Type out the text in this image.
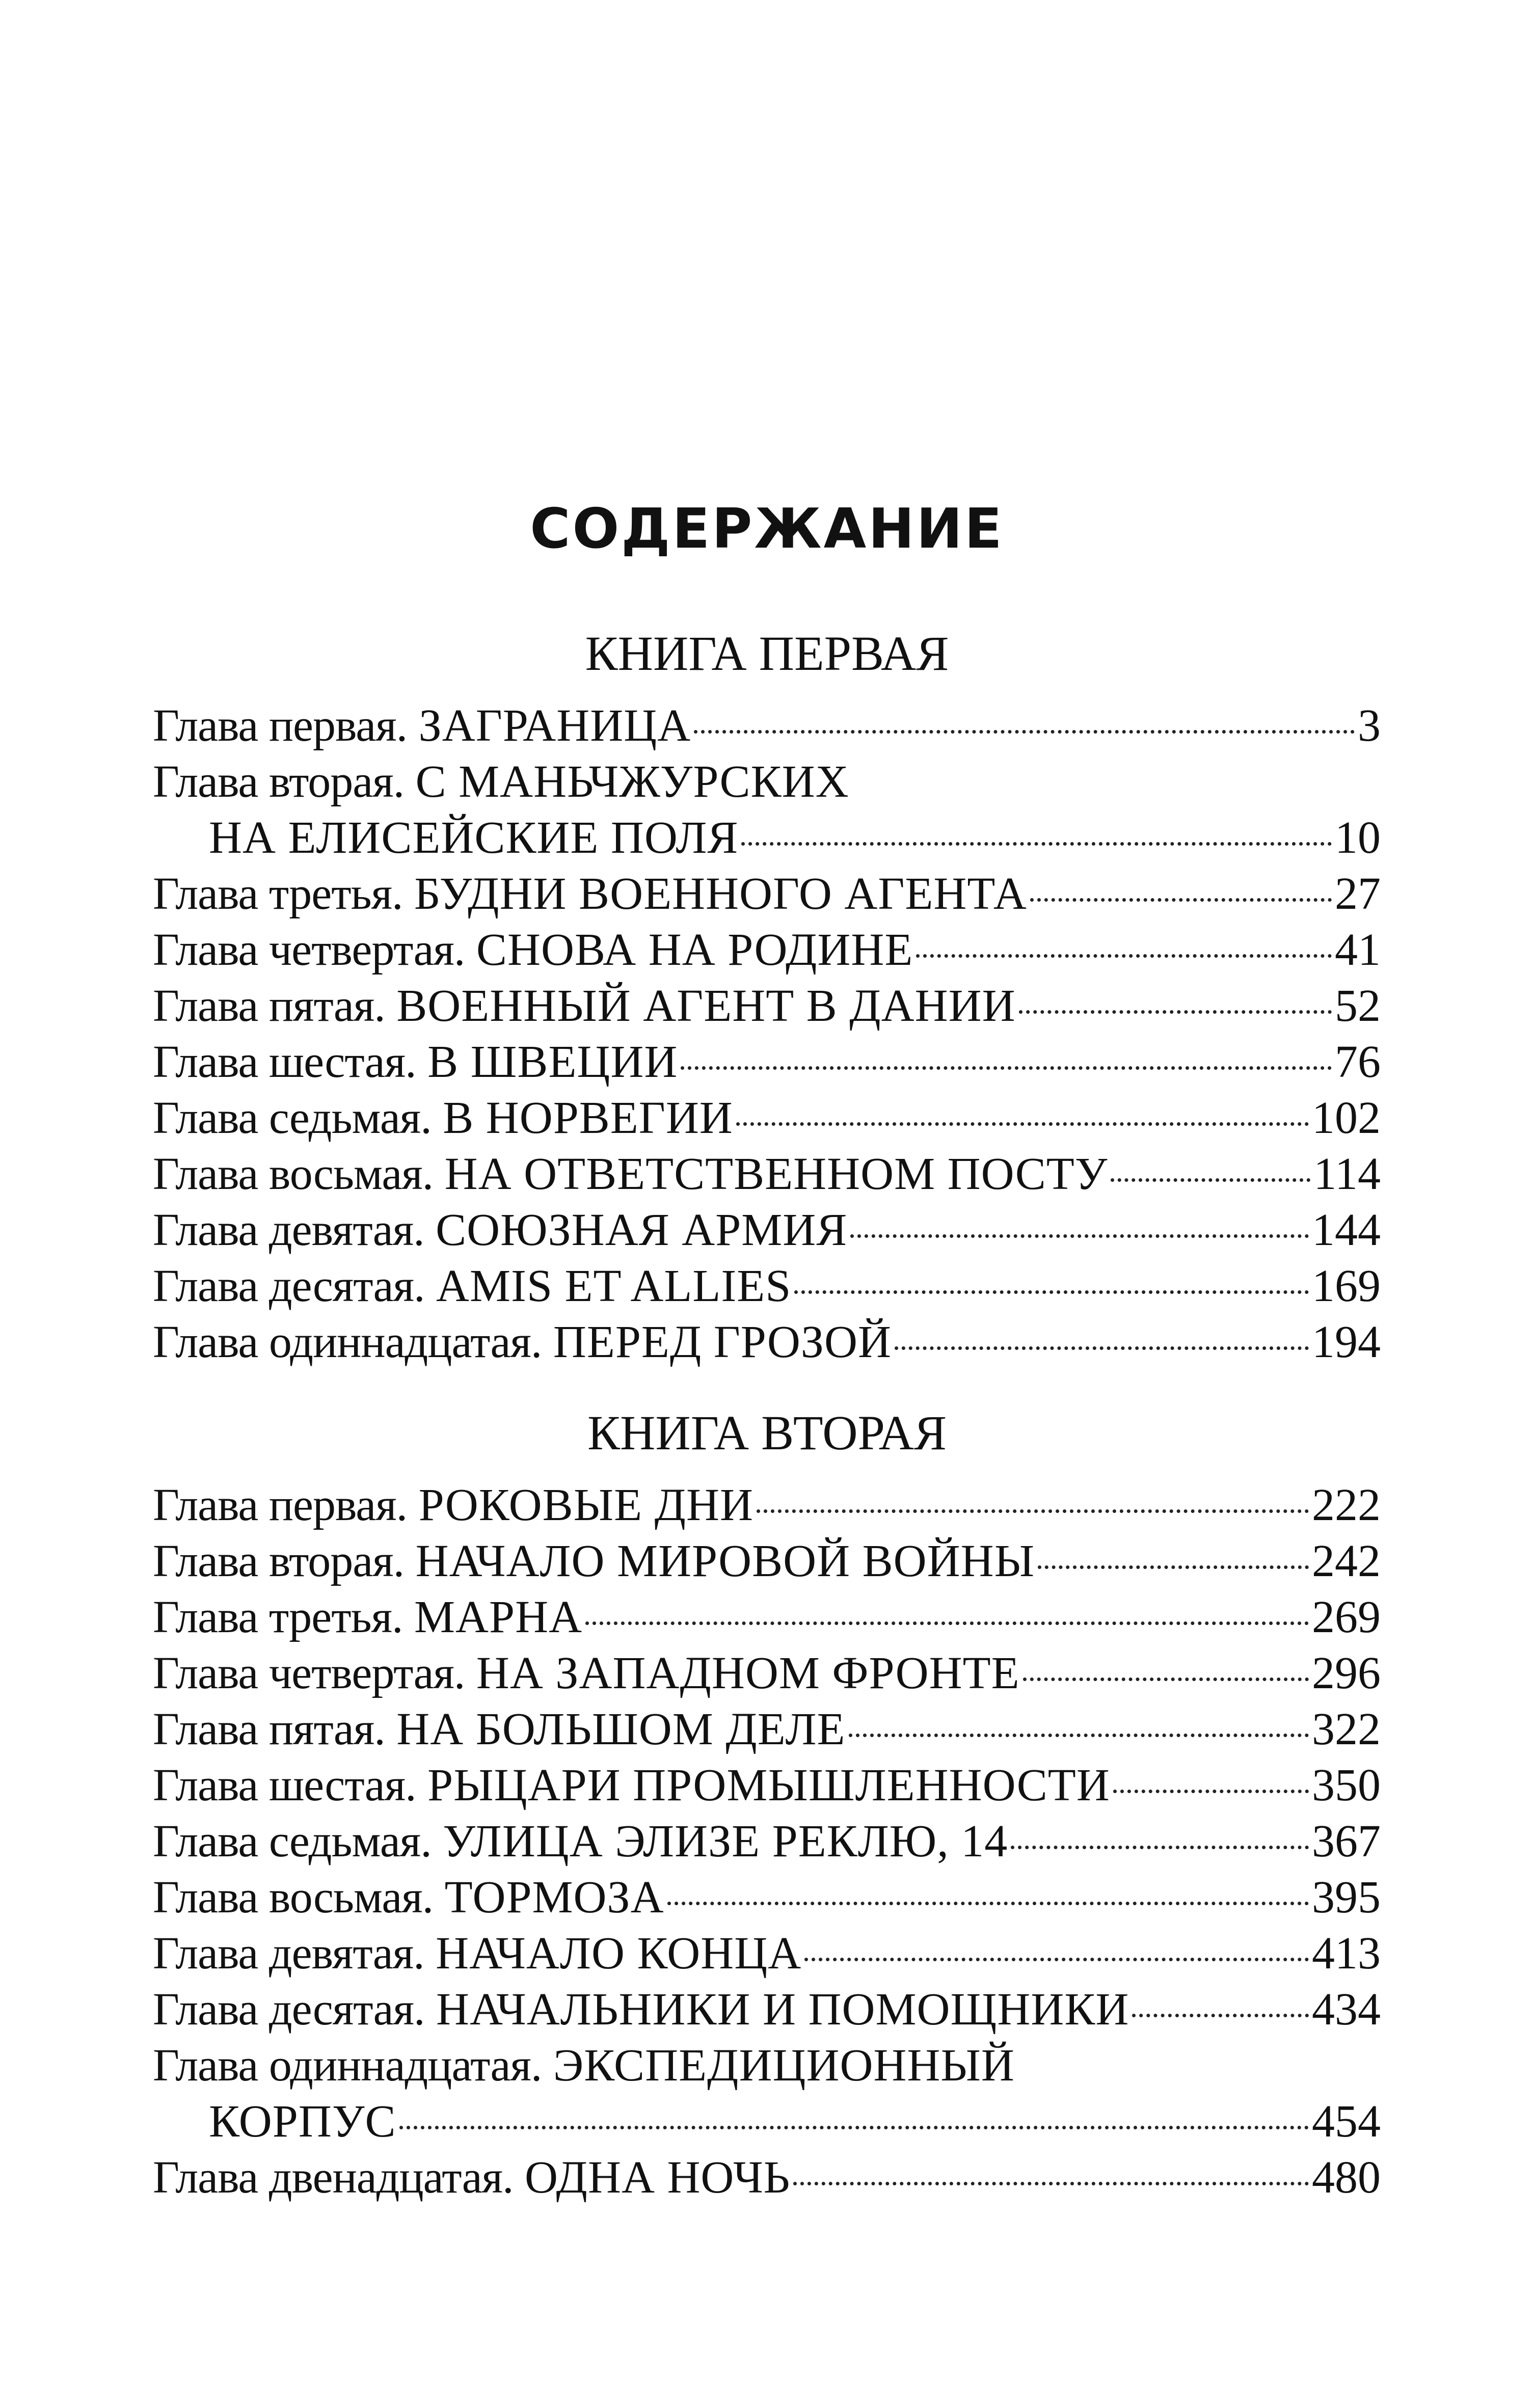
СОДЕРЖАНИЕ
КНИГА ПЕРВАЯ
Глава первая. ЗАГРАНИЦА	3
Глава вторая. С МАНЬЧЖУРСКИХ
НА ЕЛИСЕЙСКИЕ ПОЛЯ	10
Глава третья. БУДНИ ВОЕННОГО АГЕНТА	27
Глава четвертая. СНОВА НА РОДИНЕ	41
Глава пятая. ВОЕННЫЙ АГЕНТ В ДАНИИ	52
Глава шестая. В ШВЕЦИИ	76
Глава седьмая. В НОРВЕГИИ	102
Глава восьмая. НА ОТВЕТСТВЕННОМ ПОСТУ	114
Глава девятая. СОЮЗНАЯ АРМИЯ	144
Глава десятая. AMIS ET ALLIES	169
Глава одиннадцатая. ПЕРЕД ГРОЗОЙ	194
КНИГА ВТОРАЯ
Глава первая. РОКОВЫЕ ДНИ	222
Глава вторая. НАЧАЛО МИРОВОЙ ВОЙНЫ	242
Глава третья. МАРНА	269
Глава четвертая. НА ЗАПАДНОМ ФРОНТЕ	296
Глава пятая. НА БОЛЬШОМ ДЕЛЕ	322
Глава шестая. РЫЦАРИ ПРОМЫШЛЕННОСТИ	350
Глава седьмая. УЛИЦА ЭЛИЗЕ РЕКЛЮ, 14	367
Глава восьмая. ТОРМОЗА	395
Глава девятая. НАЧАЛО КОНЦА	413
Глава десятая. НАЧАЛЬНИКИ И ПОМОЩНИКИ	434
Глава одиннадцатая. ЭКСПЕДИЦИОННЫЙ
КОРПУС	454
Глава двенадцатая. ОДНА НОЧЬ	480
